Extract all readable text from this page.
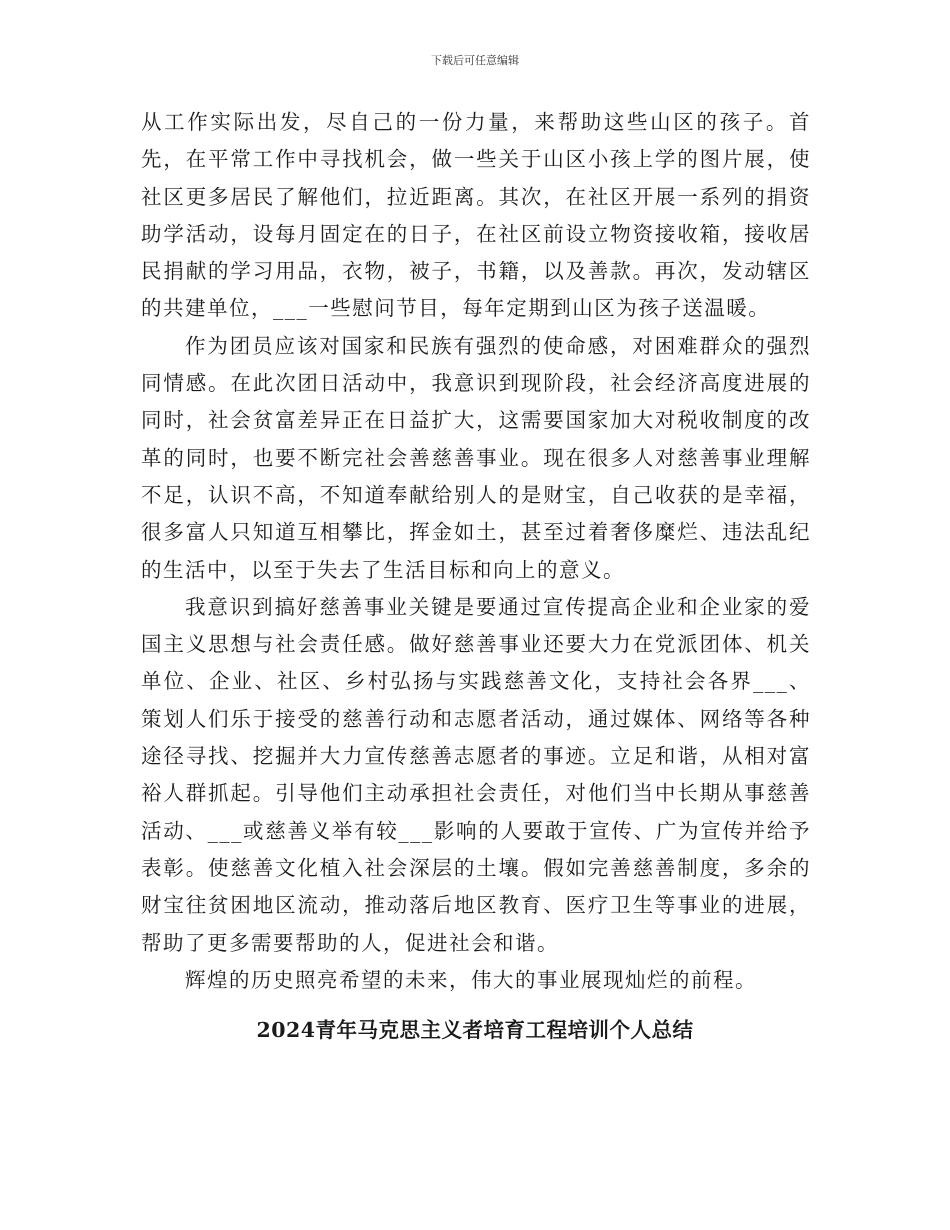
下载后可任意编辑

从工作实际出发，尽自己的一份力量，来帮助这些山区的孩子。首先，在平常工作中寻找机会，做一些关于山区小孩上学的图片展，使社区更多居民了解他们，拉近距离。其次，在社区开展一系列的捐资助学活动，设每月固定在的日子，在社区前设立物资接收箱，接收居民捐献的学习用品，衣物，被子，书籍，以及善款。再次，发动辖区的共建单位，___一些慰问节目，每年定期到山区为孩子送温暖。

作为团员应该对国家和民族有强烈的使命感，对困难群众的强烈同情感。在此次团日活动中，我意识到现阶段，社会经济高度进展的同时，社会贫富差异正在日益扩大，这需要国家加大对税收制度的改革的同时，也要不断完社会善慈善事业。现在很多人对慈善事业理解不足，认识不高，不知道奉献给别人的是财宝，自己收获的是幸福，很多富人只知道互相攀比，挥金如土，甚至过着奢侈糜烂、违法乱纪的生活中，以至于失去了生活目标和向上的意义。

我意识到搞好慈善事业关键是要通过宣传提高企业和企业家的爱国主义思想与社会责任感。做好慈善事业还要大力在党派团体、机关单位、企业、社区、乡村弘扬与实践慈善文化，支持社会各界___、策划人们乐于接受的慈善行动和志愿者活动，通过媒体、网络等各种途径寻找、挖掘并大力宣传慈善志愿者的事迹。立足和谐，从相对富裕人群抓起。引导他们主动承担社会责任，对他们当中长期从事慈善活动、___或慈善义举有较___影响的人要敢于宣传、广为宣传并给予表彰。使慈善文化植入社会深层的土壤。假如完善慈善制度，多余的财宝往贫困地区流动，推动落后地区教育、医疗卫生等事业的进展，帮助了更多需要帮助的人，促进社会和谐。

辉煌的历史照亮希望的未来，伟大的事业展现灿烂的前程。

2024青年马克思主义者培育工程培训个人总结
